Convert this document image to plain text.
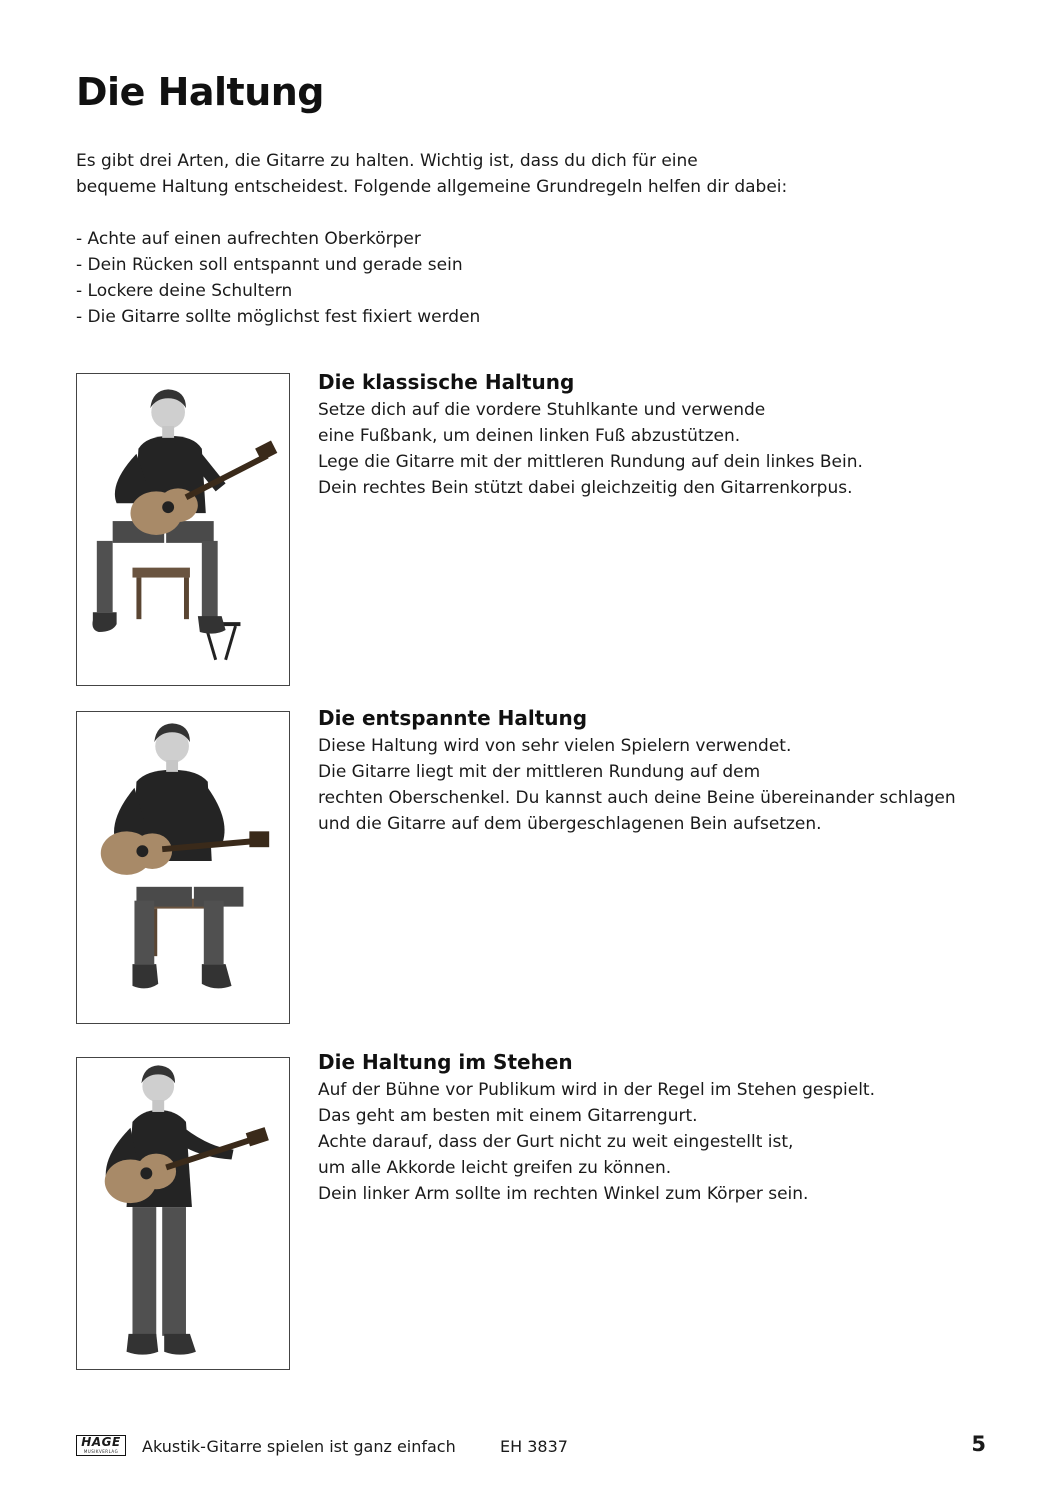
Die Haltung

Es gibt drei Arten, die Gitarre zu halten. Wichtig ist, dass du dich für eine

bequeme Haltung entscheidest. Folgende allgemeine Grundregeln helfen dir dabei:

- Achte auf einen aufrechten Oberkörper
- Dein Rücken soll entspannt und gerade sein
- Lockere deine Schultern
- Die Gitarre sollte möglichst fest fixiert werden
Die klassische Haltung
Setze dich auf die vordere Stuhlkante und verwende
eine Fußbank, um deinen linken Fuß abzustützen.
Lege die Gitarre mit der mittleren Rundung auf dein linkes Bein.
Dein rechtes Bein stützt dabei gleichzeitig den Gitarrenkorpus.
Die entspannte Haltung
Diese Haltung wird von sehr vielen Spielern verwendet.
Die Gitarre liegt mit der mittleren Rundung auf dem
rechten Oberschenkel. Du kannst auch deine Beine übereinander schlagen
und die Gitarre auf dem übergeschlagenen Bein aufsetzen.
Die Haltung im Stehen
Auf der Bühne vor Publikum wird in der Regel im Stehen gespielt.
Das geht am besten mit einem Gitarrengurt.
Achte darauf, dass der Gurt nicht zu weit eingestellt ist,
um alle Akkorde leicht greifen zu können.
Dein linker Arm sollte im rechten Winkel zum Körper sein.
HAGE
MUSIKVERLAG	Akustik-Gitarre spielen ist ganz einfach	EH 3837	5
